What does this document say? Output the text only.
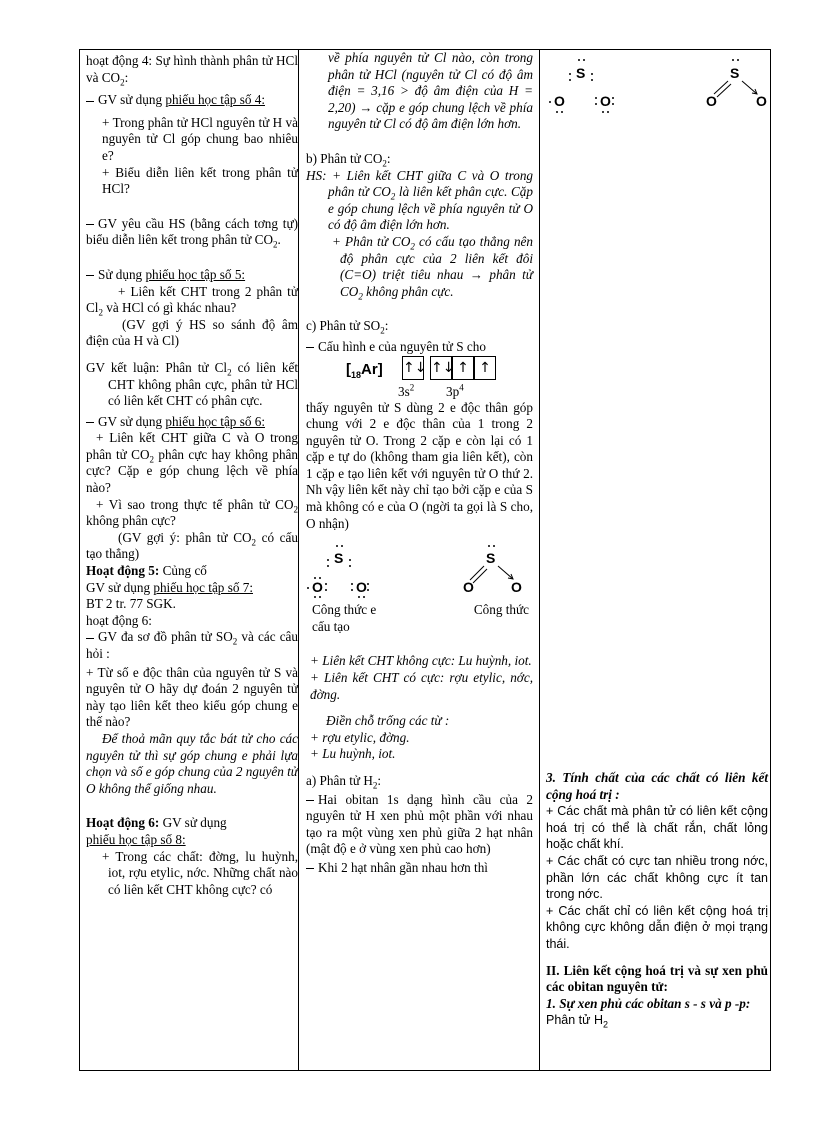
hoạt động 4: Sự hình thành phân tử HCl và $CO_2$:

GV sử dụng phiếu học tập số 4:

+ Trong phân tử HCl nguyên tử H và nguyên tử Cl góp chung bao nhiêu e?

+ Biểu diễn liên kết trong phân tử HCl?

GV yêu cầu HS (bằng cách tơng tự) biểu diễn liên kết trong phân tử $CO_2$.

Sử dụng phiếu học tập số 5:

+ Liên kết CHT trong 2 phân tử $Cl_2$ và HCl có gì khác nhau?

(GV gợi ý HS so sánh độ âm điện của H và Cl)

GV kết luận: Phân tử $Cl_2$ có liên kết CHT không phân cực, phân tử HCl có liên kết CHT có phân cực.

GV sử dụng phiếu học tập số 6:

+ Liên kết CHT giữa C và O trong phân tử $CO_2$ phân cực hay không phân cực? Cặp e góp chung lệch về phía nào?

+ Vì sao trong thực tế phân tử $CO_2$ không phân cực?

(GV gợi ý: phân tử $CO_2$ có cấu tạo thẳng)

Hoạt động 5: Củng cố

GV sử dụng phiếu học tập số 7:

BT 2 tr. 77 SGK.

hoạt động 6:

GV đa sơ đồ phân tử $SO_2$ và các câu hỏi :

+ Từ số e độc thân của nguyên tử S và nguyên tử O hãy dự đoán 2 nguyên tử này tạo liên kết theo kiểu góp chung e thế nào?

Để thoả mãn quy tắc bát tử cho các nguyên tử thì sự góp chung e phải lựa chọn và số e góp chung của 2 nguyên tử O không thể giống nhau.

Hoạt động 6: GV sử dụng

phiếu học tập số 8:

+ Trong các chất: đờng, lu huỳnh, iot, rợu etylic, nớc. Những chất nào có liên kết CHT không cực? có

về phía nguyên tử Cl nào, còn trong phân tử HCl (nguyên tử Cl có độ âm điện = 3,16 > độ âm điện của H = 2,20) → cặp e góp chung lệch về phía nguyên tử Cl có độ âm điện lớn hơn.

b) Phân tử $CO_2$:

HS: + Liên kết CHT giữa C và O trong phân tử $CO_2$ là liên kết phân cực. Cặp e góp chung lệch về phía nguyên tử O có độ âm điện lớn hơn.

+ Phân tử $CO_2$ có cấu tạo thẳng nên độ phân cực của 2 liên kết đôi (C=O) triệt tiêu nhau → phân tử $CO_2$ không phân cực.

c) Phân tử $SO_2$:

Cấu hình e của nguyên tử S cho

$[_{18}Ar]$ ↑↓ ↑↓ ↑ ↑
$3s^2$ $3p^4$

thấy nguyên tử S dùng 2 e độc thân góp chung với 2 e độc thân của 1 trong 2 nguyên tử O. Trong 2 cặp e còn lại có 1 cặp e tự do (không tham gia liên kết), còn 1 cặp e tạo liên kết với nguyên tử O thứ 2. Nh vậy liên kết này chỉ tạo bởi cặp e của S mà không có e của O (ngời ta gọi là S cho, O nhận)

S
O O
S
O	O
Công thức e	Công thức

cấu tạo

+ Liên kết CHT không cực: Lu huỳnh, iot.

+ Liên kết CHT có cực: rợu etylic, nớc, đờng.

Điền chỗ trống các từ :

+ rợu etylic, đờng.

+ Lu huỳnh, iot.

a) Phân tử $H_2$:

Hai obitan 1s dạng hình cầu của 2 nguyên tử H xen phủ một phần với nhau tạo ra một vùng xen phủ giữa 2 hạt nhân (mật độ e ở vùng xen phủ cao hơn)

Khi 2 hạt nhân gần nhau hơn thì

S
O	O
S
O	O

3. Tính chất của các chất có liên kết cộng hoá trị :

+ Các chất mà phân tử có liên kết cộng hoá trị có thể là chất rắn, chất lỏng hoặc chất khí.

+ Các chất có cực tan nhiều trong nớc, phần lớn các chất không cực ít tan trong nớc.

+ Các chất chỉ có liên kết cộng hoá trị không cực không dẫn điện ở mọi trạng thái.

II. Liên kết cộng hoá trị và sự xen phủ các obitan nguyên tử:

1. Sự xen phủ các obitan s - s và p -p:

Phân tử $H_2$
